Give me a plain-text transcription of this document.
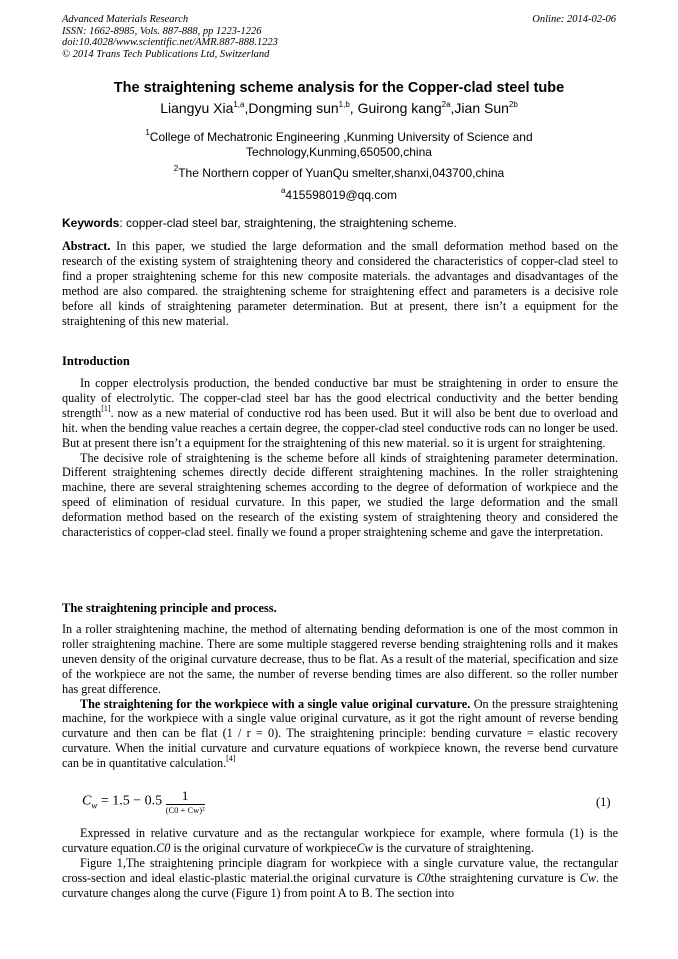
Advanced Materials Research
ISSN: 1662-8985, Vols. 887-888, pp 1223-1226
doi:10.4028/www.scientific.net/AMR.887-888.1223
© 2014 Trans Tech Publications Ltd, Switzerland
Online: 2014-02-06
The straightening scheme analysis for the Copper-clad steel tube
Liangyu Xia$^{1,a}$,Dongming sun$^{1,b}$, Guirong kang$^{2a}$,Jian Sun$^{2b}$
$^1$College of Mechatronic Engineering ,Kunming University of Science and
Technology,Kunming,650500,china
$^2$The Northern copper of YuanQu smelter,shanxi,043700,china
$^a$415598019@qq.com
Keywords: copper-clad steel bar, straightening, the straightening scheme.

Abstract. In this paper, we studied the large deformation and the small deformation method based on the research of the existing system of straightening theory and considered the characteristics of copper-clad steel to find a proper straightening scheme for this new composite materials. the advantages and disadvantages of the method are also compared. the straightening scheme for straightening effect and parameters is a decisive role before all kinds of straightening parameter determination. But at present, there isn’t a equipment for the straightening of this new material.

Introduction

In copper electrolysis production, the bended conductive bar must be straightening in order to ensure the quality of electrolytic. The copper-clad steel bar has the good electrical conductivity and the better bending strength[1]. now as a new material of conductive rod has been used. But it will also be bent due to overload and hit. when the bending value reaches a certain degree, the copper-clad steel conductive rods can no longer be used. But at present there isn’t a equipment for the straightening of this new material. so it is urgent for straightening.

The decisive role of straightening is the scheme before all kinds of straightening parameter determination. Different straightening schemes directly decide different straightening machines. In the roller straightening machine, there are several straightening schemes according to the degree of deformation of workpiece and the speed of elimination of residual curvature. In this paper, we studied the large deformation and the small deformation method based on the research of the existing system of straightening theory and considered the characteristics of copper-clad steel. finally we found a proper straightening scheme and gave the interpretation.

The straightening principle and process.

In a roller straightening machine, the method of alternating bending deformation is one of the most common in roller straightening machine. There are some multiple staggered reverse bending straightening rolls and it makes uneven density of the original curvature decrease, thus to be flat. As a result of the material, specification and size of the workpiece are not the same, the number of reverse bending times are also different. so the roller number has great difference.

The straightening for the workpiece with a single value original curvature. On the pressure straightening machine, for the workpiece with a single value original curvature, as it got the right amount of reverse bending curvature and then can be flat (1 / r = 0). The straightening principle: bending curvature = elastic recovery curvature. When the initial curvature and curvature equations of workpiece known, the reverse bend curvature can be in quantitative calculation.[4]

$C_w = 1.5 - 0.5 \frac{1}{\text{(C0 + Cw)²}}$	(1)

Expressed in relative curvature and as the rectangular workpiece for example, where formula (1) is the curvature equation.C0 is the original curvature of workpieceCw is the curvature of straightening.

Figure 1,The straightening principle diagram for workpiece with a single curvature value, the rectangular cross-section and ideal elastic-plastic material.the original curvature is C0the straightening curvature is Cw. the curvature changes along the curve (Figure 1) from point A to B. The section into
